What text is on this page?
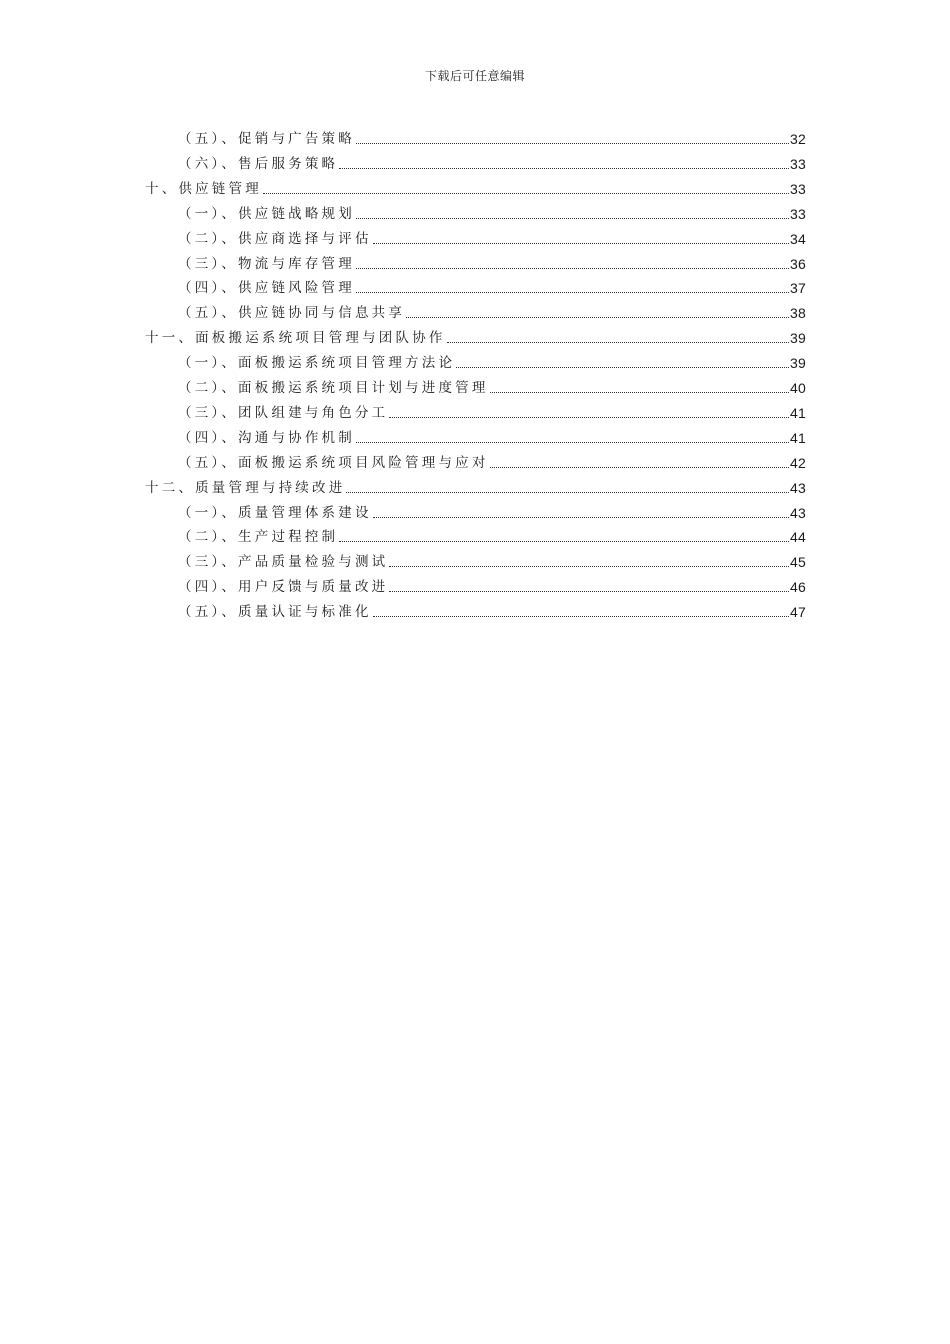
下载后可任意编辑
（五）、促销与广告策略	32
（六）、售后服务策略	33
十、供应链管理	33
（一）、供应链战略规划	33
（二）、供应商选择与评估	34
（三）、物流与库存管理	36
（四）、供应链风险管理	37
（五）、供应链协同与信息共享	38
十一、面板搬运系统项目管理与团队协作	39
（一）、面板搬运系统项目管理方法论	39
（二）、面板搬运系统项目计划与进度管理	40
（三）、团队组建与角色分工	41
（四）、沟通与协作机制	41
（五）、面板搬运系统项目风险管理与应对	42
十二、质量管理与持续改进	43
（一）、质量管理体系建设	43
（二）、生产过程控制	44
（三）、产品质量检验与测试	45
（四）、用户反馈与质量改进	46
（五）、质量认证与标准化	47
